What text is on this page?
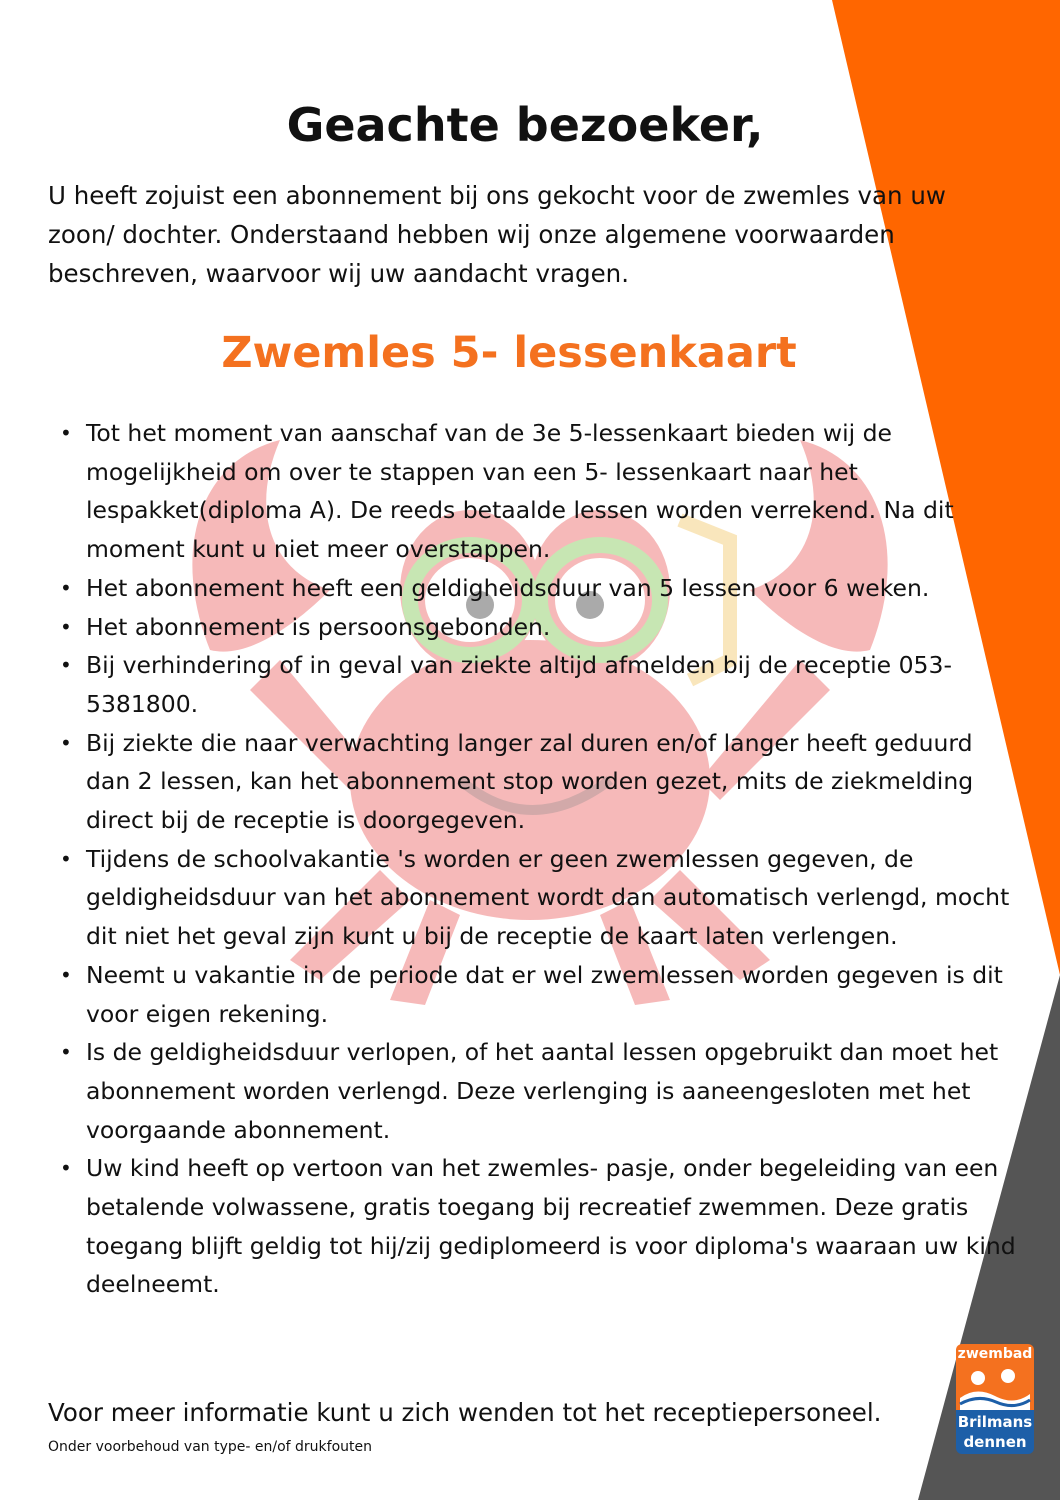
Geachte bezoeker,

U heeft zojuist een abonnement bij ons gekocht voor de zwemles van uw zoon/ dochter. Onderstaand hebben wij onze algemene voorwaarden beschreven, waarvoor wij uw aandacht vragen.

Zwemles 5- lessenkaart
• Tot het moment van aanschaf van de 3e 5-lessenkaart bieden wij de mogelijkheid om over te stappen van een 5- lessenkaart naar het lespakket(diploma A). De reeds betaalde lessen worden verrekend. Na dit moment kunt u niet meer overstappen.
• Het abonnement heeft een geldigheidsduur van 5 lessen voor 6 weken.
• Het abonnement is persoonsgebonden.
• Bij verhindering of in geval van ziekte altijd afmelden bij de receptie 053- 5381800.
• Bij ziekte die naar verwachting langer zal duren en/of langer heeft geduurd dan 2 lessen, kan het abonnement stop worden gezet, mits de ziekmelding direct bij de receptie is doorgegeven.
• Tijdens de schoolvakantie 's worden er geen zwemlessen gegeven, de geldigheidsduur van het abonnement wordt dan automatisch verlengd, mocht dit niet het geval zijn kunt u bij de receptie de kaart laten verlengen.
• Neemt u vakantie in de periode dat er wel zwemlessen worden gegeven is dit voor eigen rekening.
• Is de geldigheidsduur verlopen, of het aantal lessen opgebruikt dan moet het abonnement worden verlengd. Deze verlenging is aaneengesloten met het voorgaande abonnement.
• Uw kind heeft op vertoon van het zwemles- pasje, onder begeleiding van een betalende volwassene, gratis toegang bij recreatief zwemmen. Deze gratis toegang blijft geldig tot hij/zij gediplomeerd is voor diploma's waaraan uw kind deelneemt.

Voor meer informatie kunt u zich wenden tot het receptiepersoneel.

Onder voorbehoud van type- en/of drukfouten

zwembad
Brilmans
dennen
